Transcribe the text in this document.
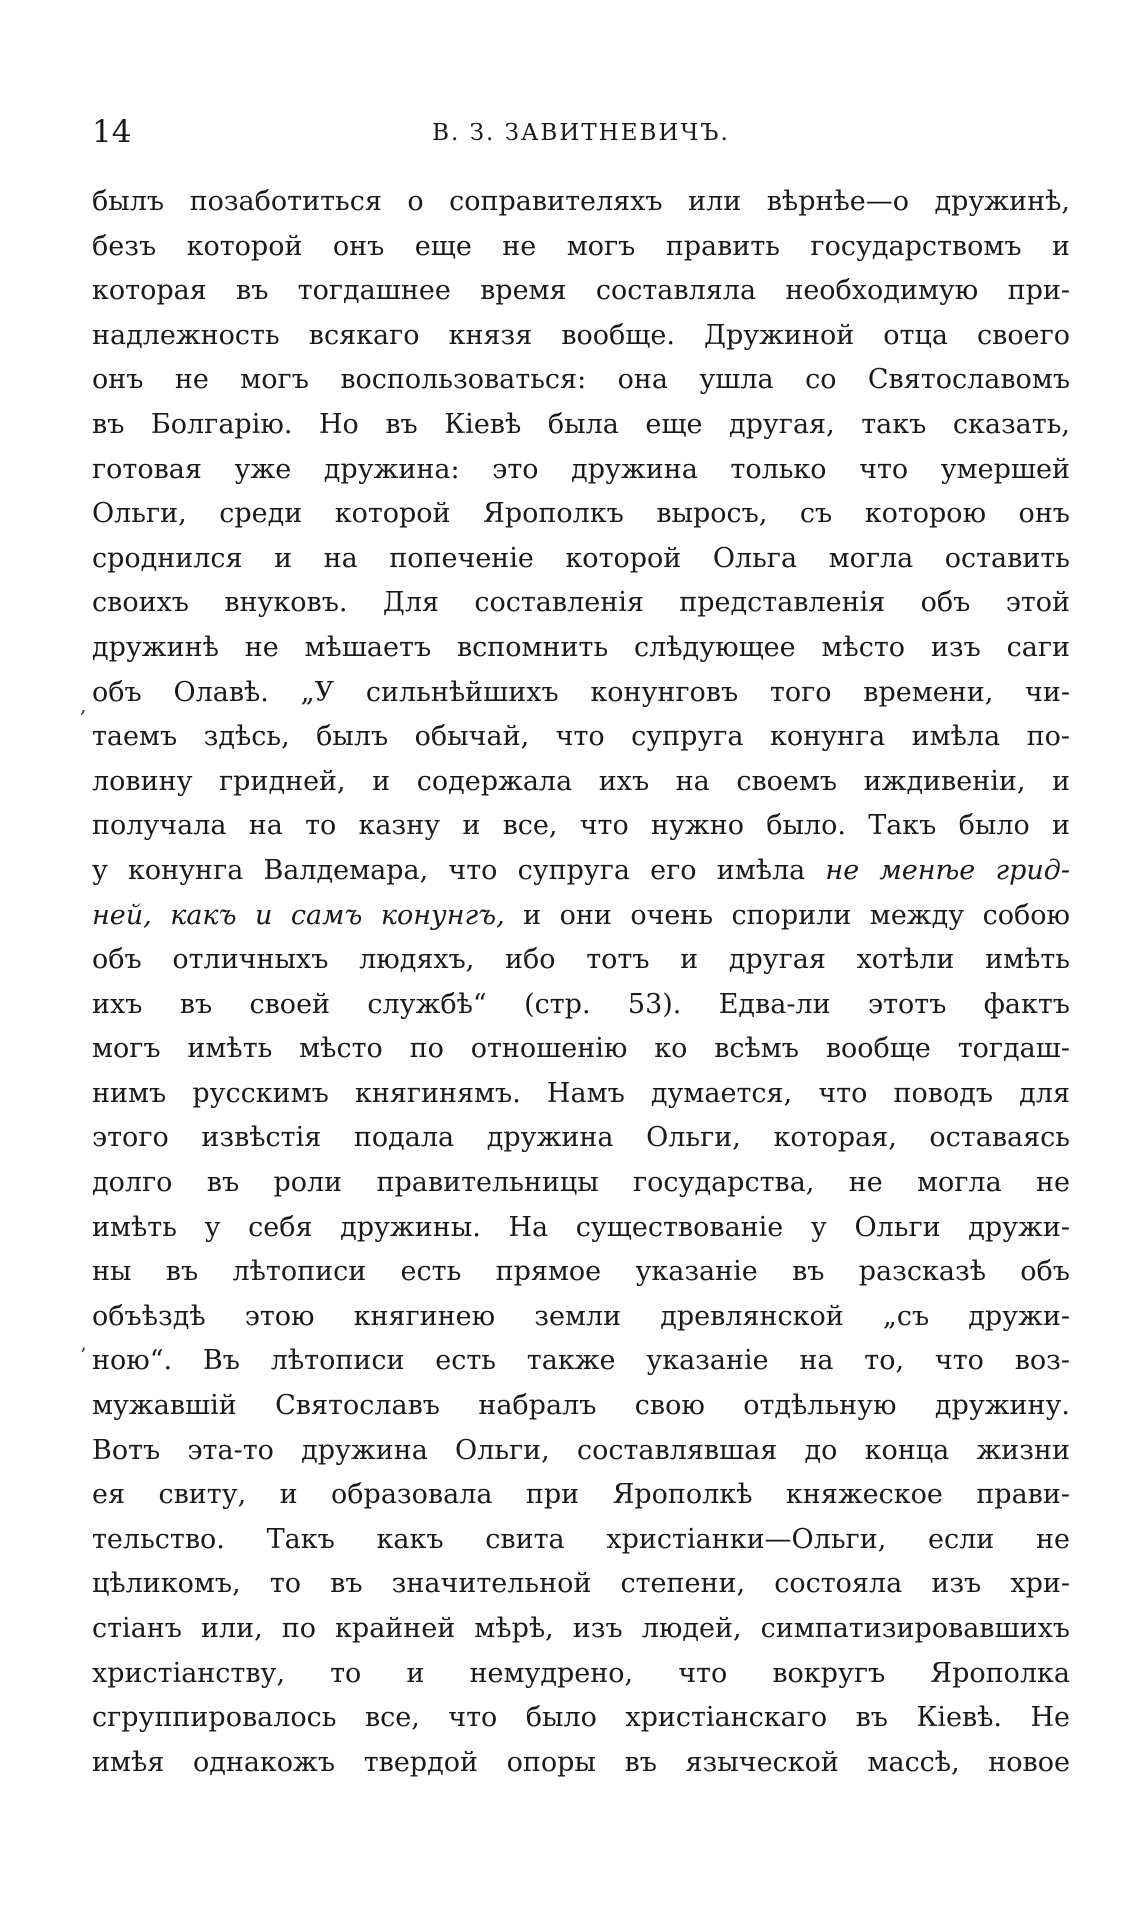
14	В. З. ЗАВИТНЕВИЧЪ.
былъ позаботиться о соправителяхъ или вѣрнѣе—о дружинѣ,
безъ которой онъ еще не могъ править государствомъ и
которая въ тогдашнее время составляла необходимую при-
надлежность всякаго князя вообще. Дружиной отца своего
онъ не могъ воспользоваться: она ушла со Святославомъ
въ Болгарію. Но въ Кіевѣ была еще другая, такъ сказать,
готовая уже дружина: это дружина только что умершей
Ольги, среди которой Ярополкъ выросъ, съ которою онъ
сроднился и на попеченіе которой Ольга могла оставить
своихъ внуковъ. Для составленія представленія объ этой
дружинѣ не мѣшаетъ вспомнить слѣдующее мѣсто изъ саги
объ Олавѣ. „У сильнѣйшихъ конунговъ того времени, чи-
таемъ здѣсь, былъ обычай, что супруга конунга имѣла по-
ловину гридней, и содержала ихъ на своемъ иждивеніи, и
получала на то казну и все, что нужно было. Такъ было и
у конунга Валдемара, что супруга его имѣла не менѣе грид-
ней, какъ и самъ конунгъ, и они очень спорили между собою
объ отличныхъ людяхъ, ибо тотъ и другая хотѣли имѣть
ихъ въ своей службѣ“ (стр. 53). Едва-ли этотъ фактъ
могъ имѣть мѣсто по отношенію ко всѣмъ вообще тогдаш-
нимъ русскимъ княгинямъ. Намъ думается, что поводъ для
этого извѣстія подала дружина Ольги, которая, оставаясь
долго въ роли правительницы государства, не могла не
имѣть у себя дружины. На существованіе у Ольги дружи-
ны въ лѣтописи есть прямое указаніе въ разсказѣ объ
объѣздѣ этою княгинею земли древлянской „съ дружи-
ною“. Въ лѣтописи есть также указаніе на то, что воз-
мужавшій Святославъ набралъ свою отдѣльную дружину.
Вотъ эта-то дружина Ольги, составлявшая до конца жизни
ея свиту, и образовала при Ярополкѣ княжеское прави-
тельство. Такъ какъ свита христіанки—Ольги, если не
цѣликомъ, то въ значительной степени, состояла изъ хри-
стіанъ или, по крайней мѣрѣ, изъ людей, симпатизировавшихъ
христіанству, то и немудрено, что вокругъ Ярополка
сгруппировалось все, что было христіанскаго въ Кіевѣ. Не
имѣя однакожъ твердой опоры въ языческой массѣ, новое
,
’
